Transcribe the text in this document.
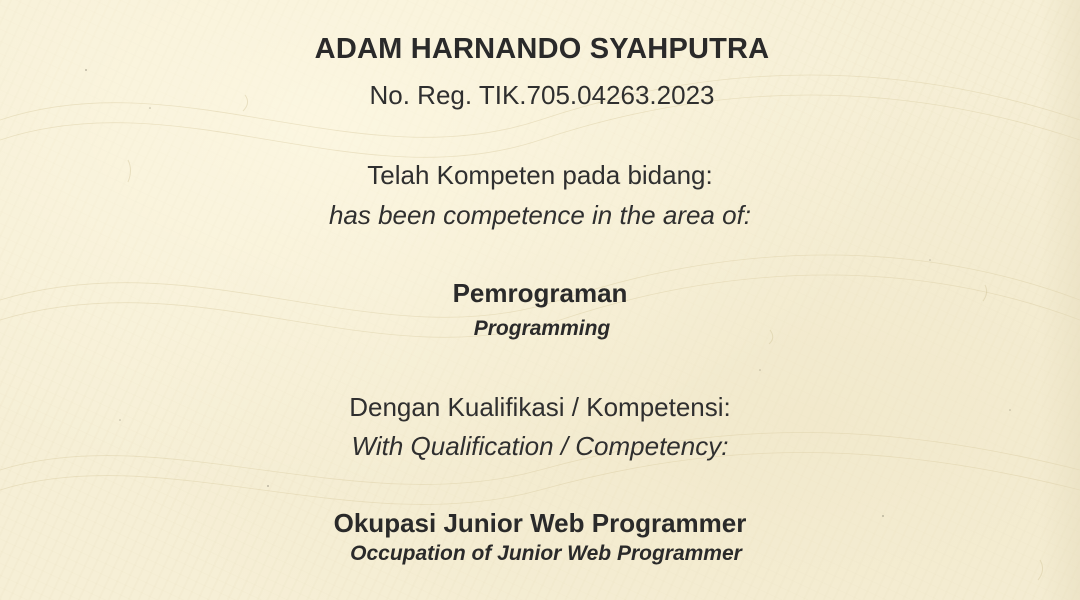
ADAM HARNANDO SYAHPUTRA
No. Reg. TIK.705.04263.2023
Telah Kompeten pada bidang:
has been competence in the area of:
Pemrograman
Programming
Dengan Kualifikasi / Kompetensi:
With Qualification / Competency:
Okupasi Junior Web Programmer
Occupation of Junior Web Programmer
